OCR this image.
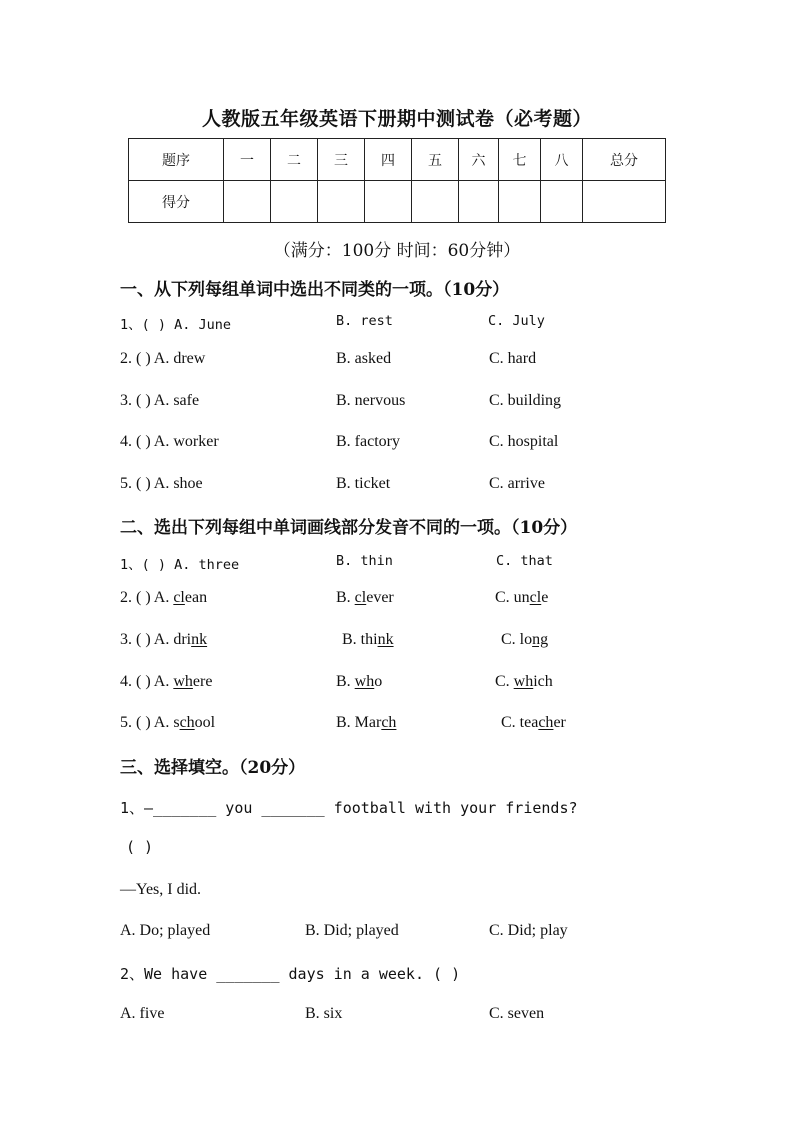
人教版五年级英语下册期中测试卷（必考题）
题序	一	二	三	四	五	六	七	八	总分
得分									
（满分：100分 时间：60分钟）
一、从下列每组单词中选出不同类的一项。（10分）
1、( ) A. June	B. rest	C. July
2. ( ) A. drew	B. asked	C. hard
3. ( ) A. safe	B. nervous	C. building
4. ( ) A. worker	B. factory	C. hospital
5. ( ) A. shoe	B. ticket	C. arrive
二、选出下列每组中单词画线部分发音不同的一项。（10分）
1、( ) A. three	B. thin	C. that
2. ( ) A. clean	B. clever	C. uncle
3. ( ) A. drink	B. think	C. long
4. ( ) A. where	B. who	C. which
5. ( ) A. school	B. March	C. teacher
三、选择填空。（20分）
1、—_______ you _______ football with your friends?
( )
—Yes, I did.
A. Do; played	B. Did; played	C. Did; play
2、We have _______ days in a week. ( )
A. five	B. six	C. seven
